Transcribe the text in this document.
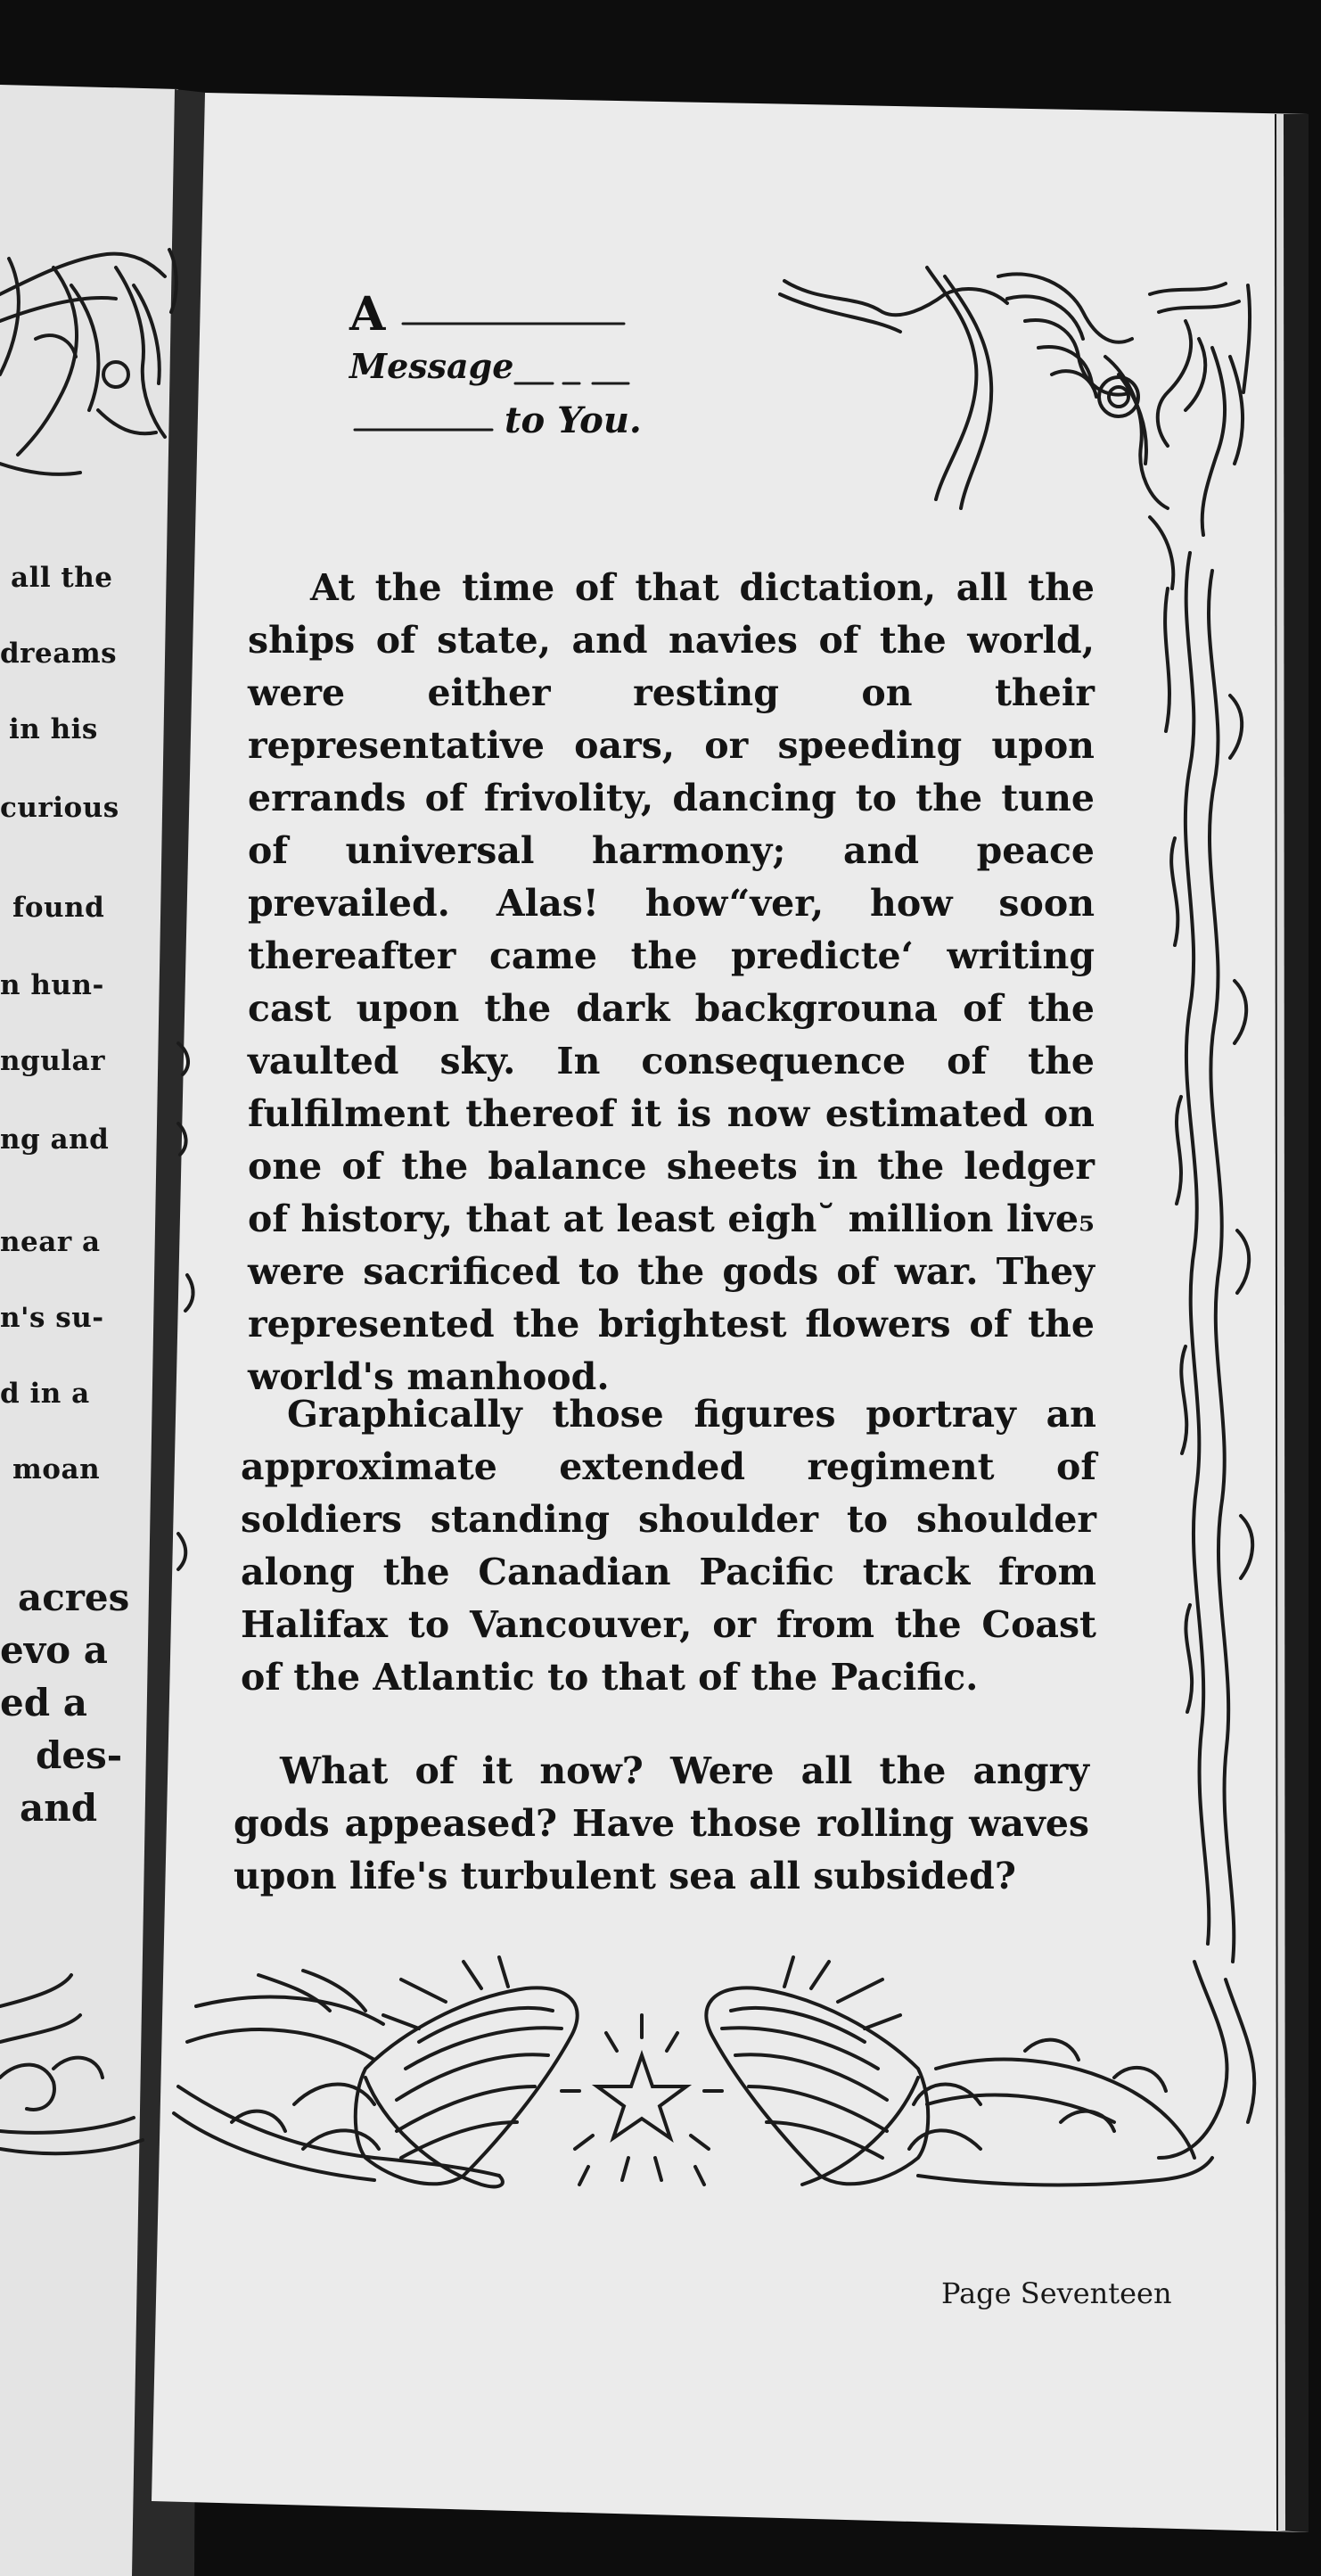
all the
dreams
in his
curious
found
n hun-
ngular
ng and
near a
n's su-
d in a
moan
acres
evo a
ed a
des-
and
A
Message
to You.

At the time of that dictation, all the ships of state, and navies of the world, were either resting on their representative oars, or speeding upon errands of frivolity, dancing to the tune of universal harmony; and peace prevailed. Alas! how“ver, how soon thereafter came the predicte‘ writing cast upon the dark backgrouna of the vaulted sky. In consequence of the fulfilment thereof it is now estimated on one of the balance sheets in the ledger of history, that at least eigh˘ million live₅ were sacrificed to the gods of war. They represented the brightest flowers of the world's manhood.

Graphically those figures portray an approximate extended regiment of soldiers standing shoulder to shoulder along the Canadian Pacific track from Halifax to Vancouver, or from the Coast of the Atlantic to that of the Pacific.

What of it now? Were all the angry gods appeased? Have those rolling waves upon life's turbulent sea all subsided?

Page Seventeen
